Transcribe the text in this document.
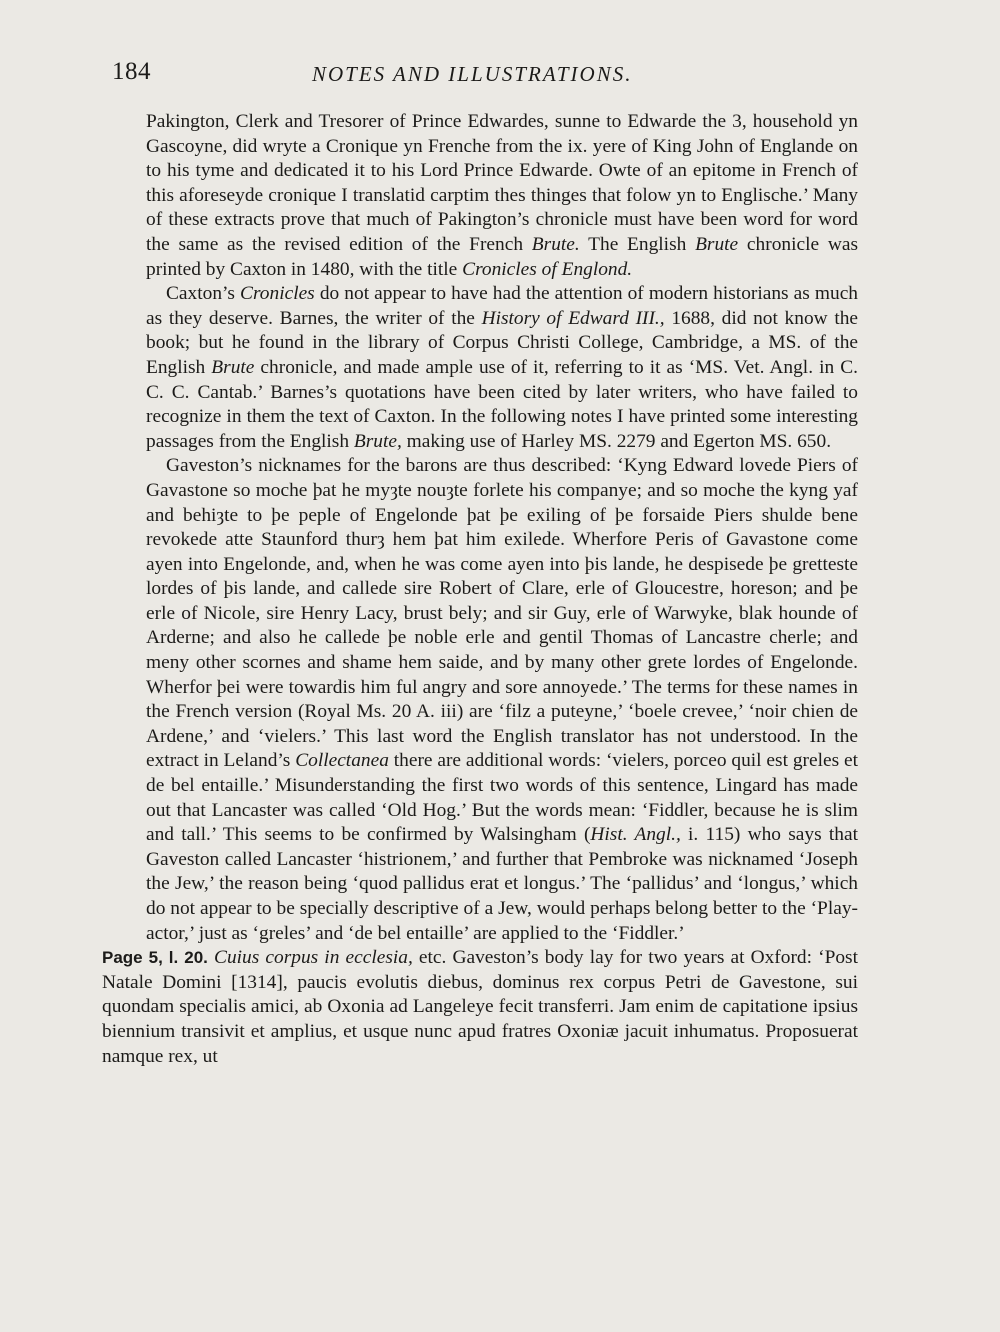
184	NOTES AND ILLUSTRATIONS.

Pakington, Clerk and Tresorer of Prince Edwardes, sunne to Edwarde the 3, household yn Gascoyne, did wryte a Cronique yn Frenche from the ix. yere of King John of Englande on to his tyme and dedicated it to his Lord Prince Edwarde. Owte of an epitome in French of this aforeseyde cronique I translatid carptim thes thinges that folow yn to Englische.’ Many of these extracts prove that much of Pakington’s chronicle must have been word for word the same as the revised edition of the French Brute. The English Brute chronicle was printed by Caxton in 1480, with the title Cronicles of Englond.

Caxton’s Cronicles do not appear to have had the attention of modern historians as much as they deserve. Barnes, the writer of the History of Edward III., 1688, did not know the book; but he found in the library of Corpus Christi College, Cambridge, a MS. of the English Brute chronicle, and made ample use of it, referring to it as ‘MS. Vet. Angl. in C. C. C. Cantab.’ Barnes’s quotations have been cited by later writers, who have failed to recognize in them the text of Caxton. In the following notes I have printed some interesting passages from the English Brute, making use of Harley MS. 2279 and Egerton MS. 650.

Gaveston’s nicknames for the barons are thus described: ‘Kyng Edward lovede Piers of Gavastone so moche þat he myȝte nouȝte forlete his companye; and so moche the kyng yaf and behiȝte to þe peple of Engelonde þat þe exiling of þe forsaide Piers shulde bene revokede atte Staunford thurȝ hem þat him exilede. Wherfore Peris of Gavastone come ayen into Engelonde, and, when he was come ayen into þis lande, he despisede þe gretteste lordes of þis lande, and callede sire Robert of Clare, erle of Gloucestre, horeson; and þe erle of Nicole, sire Henry Lacy, brust bely; and sir Guy, erle of Warwyke, blak hounde of Arderne; and also he callede þe noble erle and gentil Thomas of Lancastre cherle; and meny other scornes and shame hem saide, and by many other grete lordes of Engelonde. Wherfor þei were towardis him ful angry and sore annoyede.’ The terms for these names in the French version (Royal Ms. 20 A. iii) are ‘filz a puteyne,’ ‘boele crevee,’ ‘noir chien de Ardene,’ and ‘vielers.’ This last word the English translator has not understood. In the extract in Leland’s Collectanea there are additional words: ‘vielers, porceo quil est greles et de bel entaille.’ Misunderstanding the first two words of this sentence, Lingard has made out that Lancaster was called ‘Old Hog.’ But the words mean: ‘Fiddler, because he is slim and tall.’ This seems to be confirmed by Walsingham (Hist. Angl., i. 115) who says that Gaveston called Lancaster ‘histrionem,’ and further that Pembroke was nicknamed ‘Joseph the Jew,’ the reason being ‘quod pallidus erat et longus.’ The ‘pallidus’ and ‘longus,’ which do not appear to be specially descriptive of a Jew, would perhaps belong better to the ‘Play-actor,’ just as ‘greles’ and ‘de bel entaille’ are applied to the ‘Fiddler.’

Page 5, l. 20. Cuius corpus in ecclesia, etc. Gaveston’s body lay for two years at Oxford: ‘Post Natale Domini [1314], paucis evolutis diebus, dominus rex corpus Petri de Gavestone, sui quondam specialis amici, ab Oxonia ad Langeleye fecit transferri. Jam enim de capitatione ipsius biennium transivit et amplius, et usque nunc apud fratres Oxoniæ jacuit inhumatus. Proposuerat namque rex, ut
